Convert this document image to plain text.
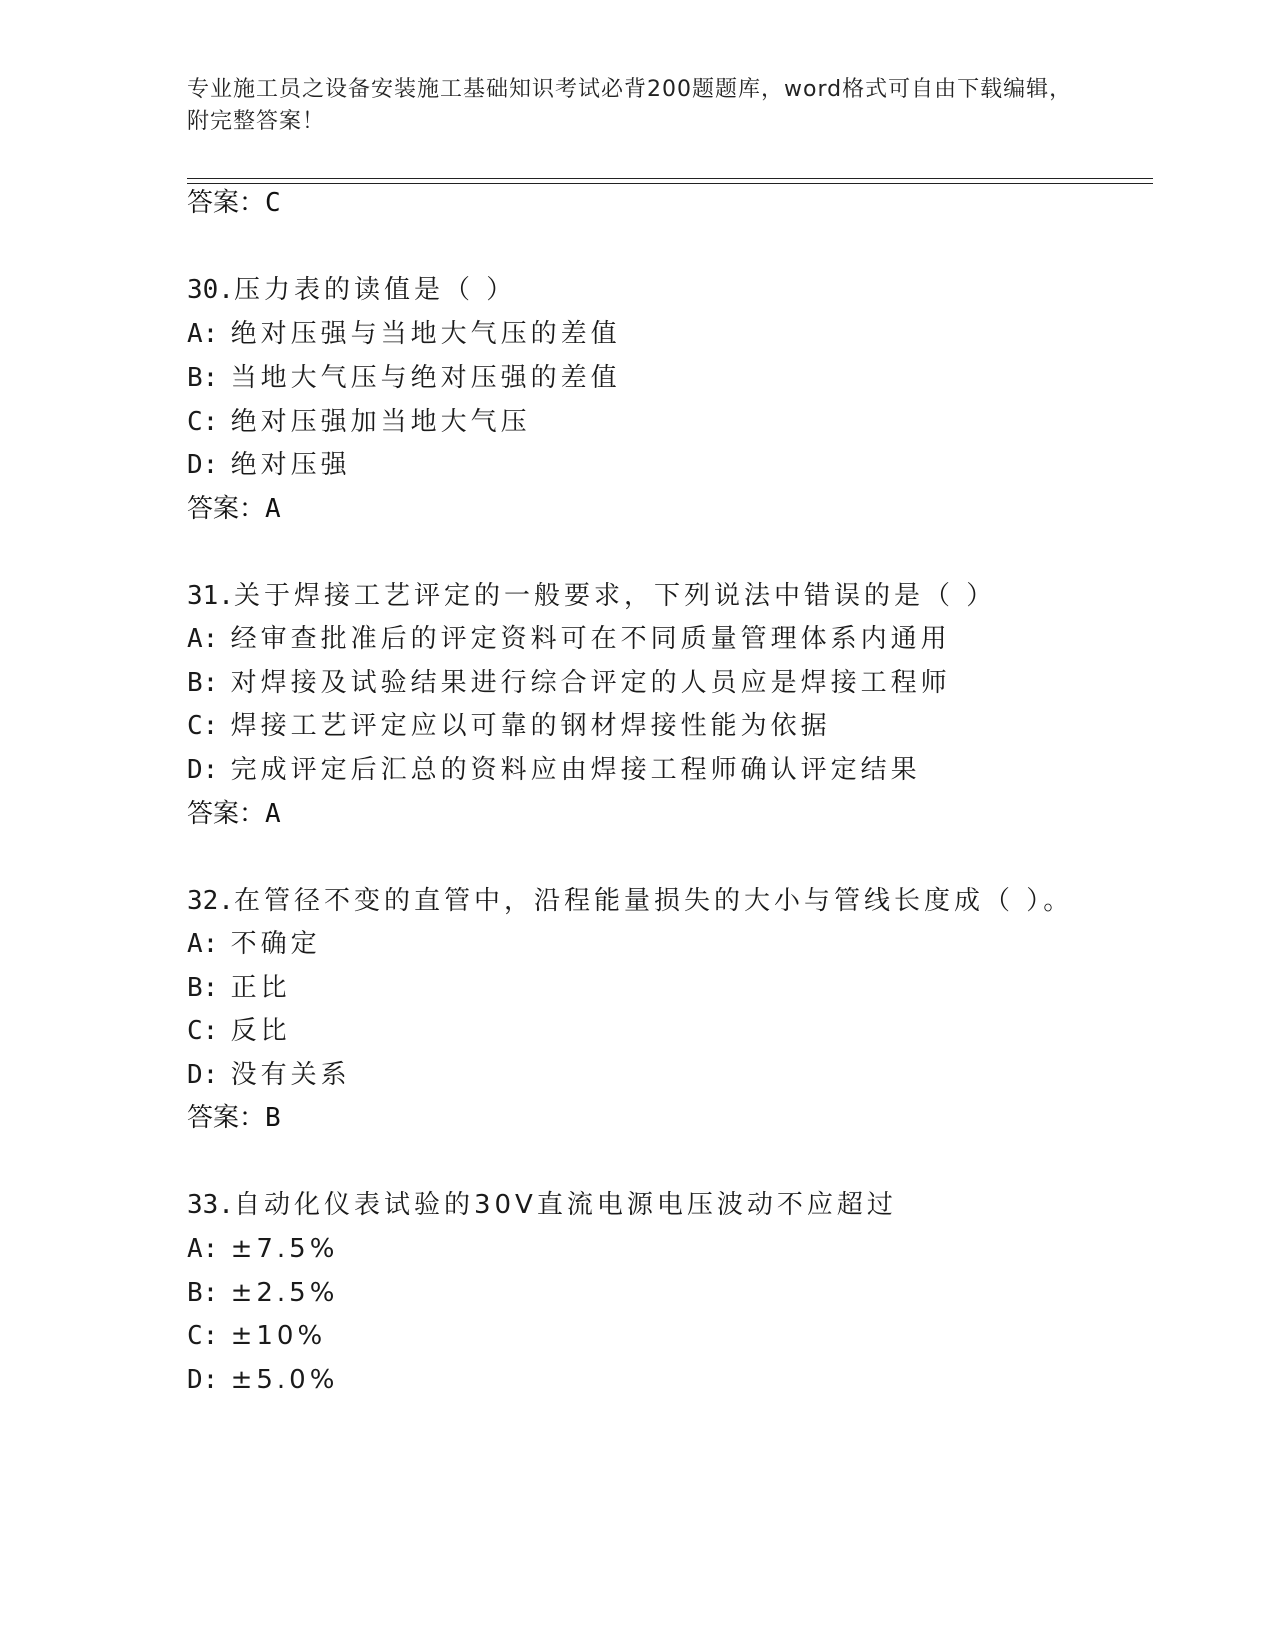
专业施工员之设备安装施工基础知识考试必背200题题库，word格式可自由下载编辑，附完整答案！
答案：C
30.压力表的读值是（ ）
A: 绝对压强与当地大气压的差值
B: 当地大气压与绝对压强的差值
C: 绝对压强加当地大气压
D: 绝对压强
答案：A
31.关于焊接工艺评定的一般要求，下列说法中错误的是（ ）
A: 经审查批准后的评定资料可在不同质量管理体系内通用
B: 对焊接及试验结果进行综合评定的人员应是焊接工程师
C: 焊接工艺评定应以可靠的钢材焊接性能为依据
D: 完成评定后汇总的资料应由焊接工程师确认评定结果
答案：A
32.在管径不变的直管中，沿程能量损失的大小与管线长度成（ ）。
A: 不确定
B: 正比
C: 反比
D: 没有关系
答案：B
33.自动化仪表试验的30V直流电源电压波动不应超过
A: ±7.5%
B: ±2.5%
C: ±10%
D: ±5.0%
